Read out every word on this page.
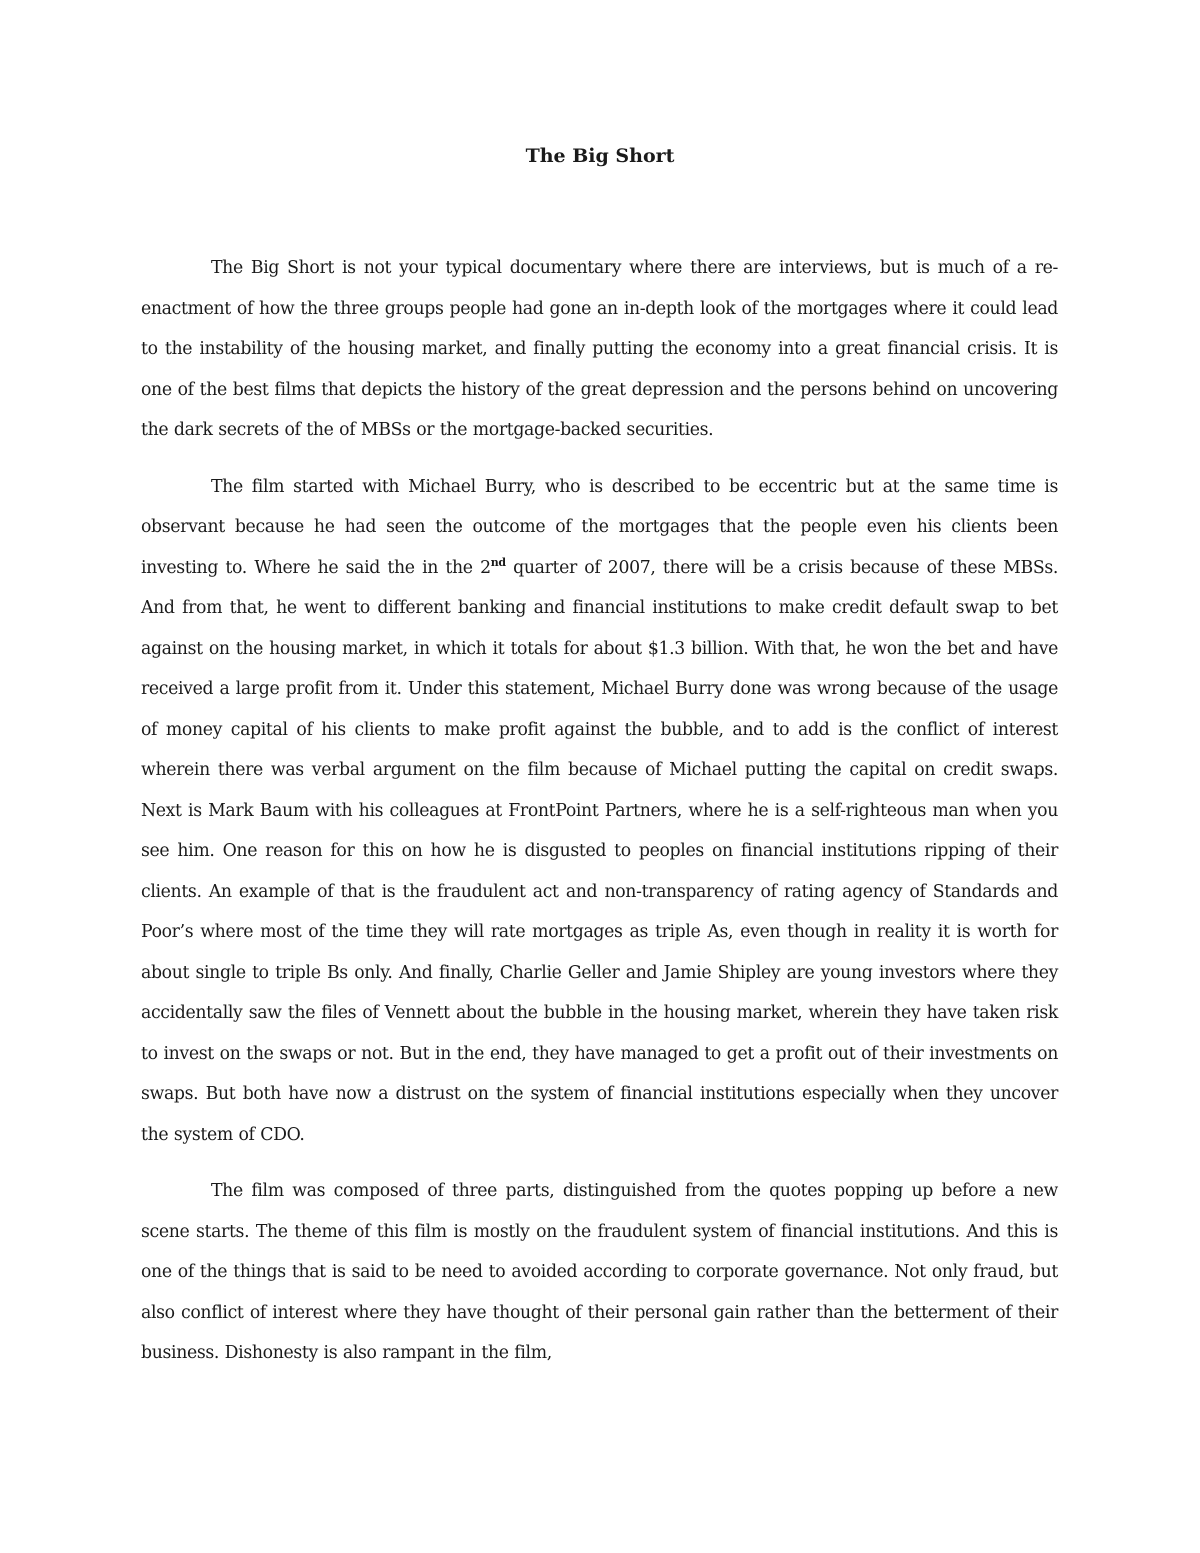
The Big Short

The Big Short is not your typical documentary where there are interviews, but is much of a re-enactment of how the three groups people had gone an in-depth look of the mortgages where it could lead to the instability of the housing market, and finally putting the economy into a great financial crisis. It is one of the best films that depicts the history of the great depression and the persons behind on uncovering the dark secrets of the of MBSs or the mortgage-backed securities.

The film started with Michael Burry, who is described to be eccentric but at the same time is observant because he had seen the outcome of the mortgages that the people even his clients been investing to. Where he said the in the 2nd quarter of 2007, there will be a crisis because of these MBSs. And from that, he went to different banking and financial institutions to make credit default swap to bet against on the housing market, in which it totals for about $1.3 billion. With that, he won the bet and have received a large profit from it. Under this statement, Michael Burry done was wrong because of the usage of money capital of his clients to make profit against the bubble, and to add is the conflict of interest wherein there was verbal argument on the film because of Michael putting the capital on credit swaps. Next is Mark Baum with his colleagues at FrontPoint Partners, where he is a self-righteous man when you see him. One reason for this on how he is disgusted to peoples on financial institutions ripping of their clients. An example of that is the fraudulent act and non-transparency of rating agency of Standards and Poor’s where most of the time they will rate mortgages as triple As, even though in reality it is worth for about single to triple Bs only. And finally, Charlie Geller and Jamie Shipley are young investors where they accidentally saw the files of Vennett about the bubble in the housing market, wherein they have taken risk to invest on the swaps or not. But in the end, they have managed to get a profit out of their investments on swaps. But both have now a distrust on the system of financial institutions especially when they uncover the system of CDO.

The film was composed of three parts, distinguished from the quotes popping up before a new scene starts. The theme of this film is mostly on the fraudulent system of financial institutions. And this is one of the things that is said to be need to avoided according to corporate governance. Not only fraud, but also conflict of interest where they have thought of their personal gain rather than the betterment of their business. Dishonesty is also rampant in the film,
